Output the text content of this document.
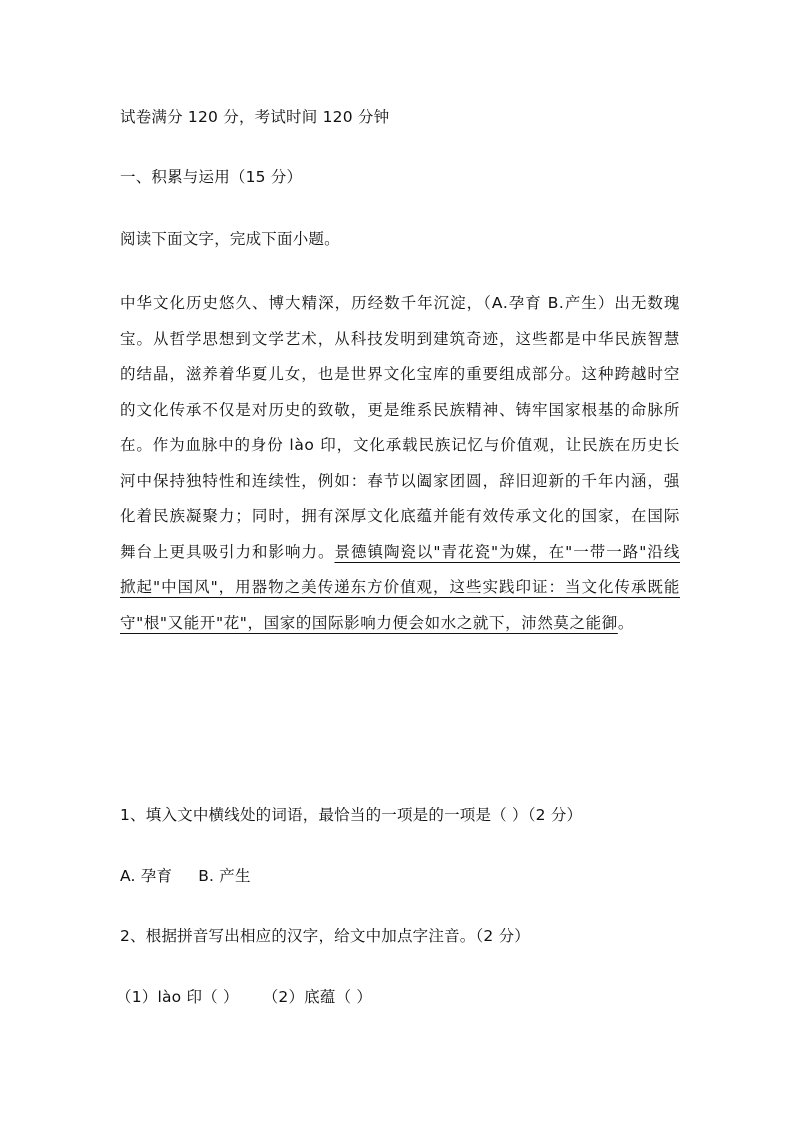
试卷满分 120 分，考试时间 120 分钟
一、积累与运用（15 分）
阅读下面文字，完成下面小题。
中华文化历史悠久、博大精深，历经数千年沉淀，（A.孕育 B.产生）出无数瑰宝。从哲学思想到文学艺术，从科技发明到建筑奇迹，这些都是中华民族智慧的结晶，滋养着华夏儿女，也是世界文化宝库的重要组成部分。这种跨越时空的文化传承不仅是对历史的致敬，更是维系民族精神、铸牢国家根基的命脉所在。作为血脉中的身份 lào 印，文化承载民族记忆与价值观，让民族在历史长河中保持独特性和连续性，例如：春节以阖家团圆，辞旧迎新的千年内涵，强化着民族凝聚力；同时，拥有深厚文化底蕴并能有效传承文化的国家，在国际舞台上更具吸引力和影响力。景德镇陶瓷以"青花瓷"为媒，在"一带一路"沿线掀起"中国风"，用器物之美传递东方价值观，这些实践印证：当文化传承既能守"根"又能开"花"，国家的国际影响力便会如水之就下，沛然莫之能御。
1、填入文中横线处的词语，最恰当的一项是的一项是（ ）（2 分）
A. 孕育 B. 产生
2、根据拼音写出相应的汉字，给文中加点字注音。（2 分）
（1）lào 印（ ） （2）底蕴（ ）
